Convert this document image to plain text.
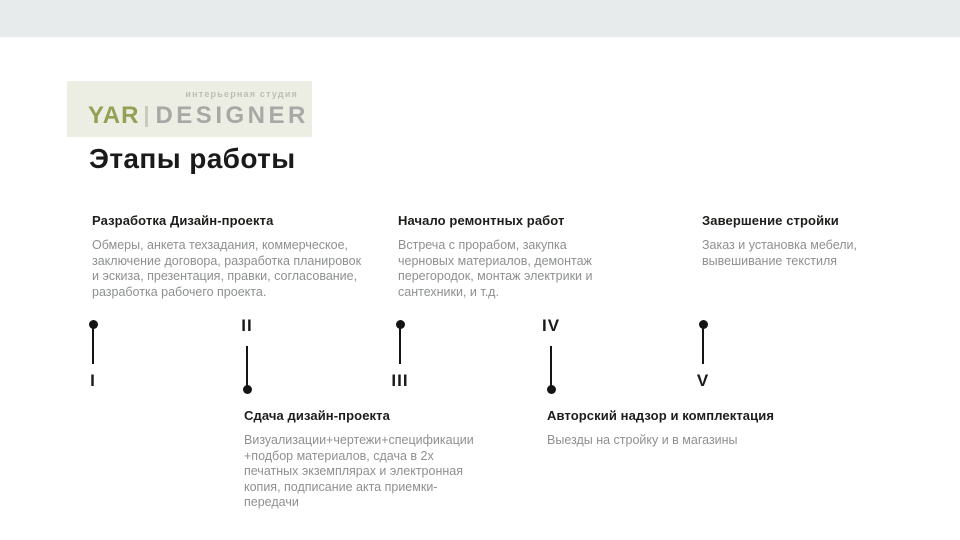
интерьерная студия
YAR DESIGNER
Этапы работы
Разработка Дизайн-проекта

Обмеры, анкета техзадания, коммерческое, заключение договора, разработка планировок и эскиза, презентация, правки, согласование, разработка рабочего проекта.

Начало ремонтных работ

Встреча с прорабом, закупка черновых материалов, демонтаж перегородок, монтаж электрики и сантехники, и т.д.

Завершение стройки

Заказ и установка мебели, вывешивание текстиля

I
II
III
IV
V
Сдача дизайн-проекта

Визуализации+чертежи+спецификации+подбор материалов, сдача в 2х печатных экземплярах и электронная копия, подписание акта приемки-передачи

Авторский надзор и комплектация

Выезды на стройку и в магазины
